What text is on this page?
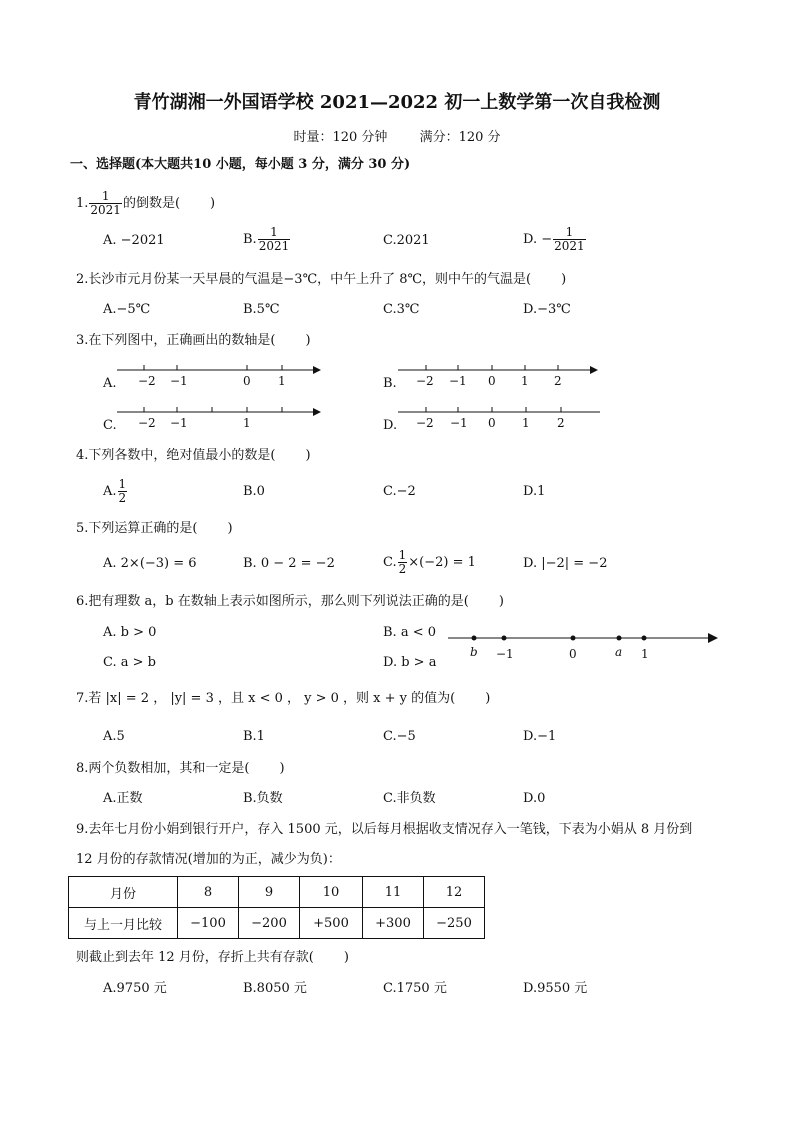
青竹湖湘一外国语学校 2021—2022 初一上数学第一次自我检测
时量：120 分钟 满分：120 分
一、选择题(本大题共10 小题，每小题 3 分，满分 30 分)
1. $\frac{1}{2021}$ 的倒数是( )
A. −2021	B. $\frac{1}{2021}$	C.2021	D. − $\frac{1}{2021}$
2.长沙市元月份某一天早晨的气温是−3℃，中午上升了 8℃，则中午的气温是( )
A.−5℃	B.5℃	C.3℃	D.−3℃
3.在下列图中，正确画出的数轴是( )
A. −2 −1	0 1	B. −2 −1 0 1 2
C. −2 −1	1	D. −2 −1 0 1 2
4.下列各数中，绝对值最小的数是( )
A. $\frac{1}{2}$	B.0	C.−2	D.1
5.下列运算正确的是( )
A. 2×(−3) = 6	B. 0 − 2 = −2	C. $\frac{1}{2} \times(-2) = 1$	D. |−2| = −2
6.把有理数 a，b 在数轴上表示如图所示，那么则下列说法正确的是( )
A. b > 0	B. a < 0
C. a > b	D. b > a
b −1	0	a 1
7.若 |x| = 2 ， |y| = 3 ，且 x < 0 ， y > 0 ，则 x + y 的值为( )
A.5	B.1	C.−5	D.−1
8.两个负数相加，其和一定是( )
A.正数	B.负数	C.非负数	D.0
9.去年七月份小娟到银行开户，存入 1500 元，以后每月根据收支情况存入一笔钱，下表为小娟从 8 月份到
12 月份的存款情况(增加的为正，减少为负)：
月份	8	9	10	11	12
与上一月比较	−100	−200	+500	+300	−250
则截止到去年 12 月份，存折上共有存款( )
A.9750 元	B.8050 元	C.1750 元	D.9550 元
